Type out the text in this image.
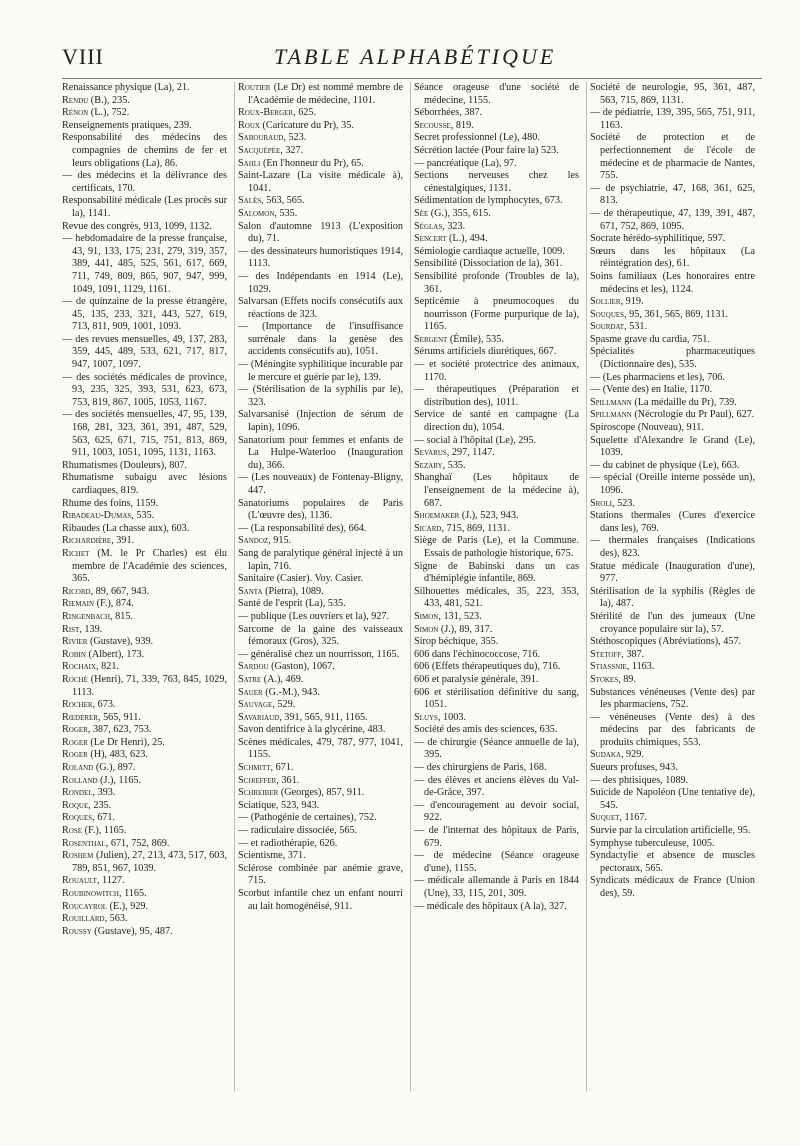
VIII	TABLE ALPHABÉTIQUE

Renaissance physique (La), 21.

Rendu (B.), 235.

Rénon (L.), 752.

Renseignements pratiques, 239.

Responsabilité des médecins des compagnies de chemins de fer et leurs obligations (La), 86.

— des médecins et la délivrance des certificats, 170.

Responsabilité médicale (Les procès sur la), 1141.

Revue des congrès, 913, 1099, 1132.

— hebdomadaire de la presse française, 43, 91, 133, 175, 231, 279, 319, 357, 389, 441, 485, 525, 561, 617, 669, 711, 749, 809, 865, 907, 947, 999, 1049, 1091, 1129, 1161.

— de quinzaine de la presse étrangère, 45, 135, 233, 321, 443, 527, 619, 713, 811, 909, 1001, 1093.

— des revues mensuelles, 49, 137, 283, 359, 445, 489, 533, 621, 717, 817, 947, 1007, 1097.

— des sociétés médicales de province, 93, 235, 325, 393, 531, 623, 673, 753, 819, 867, 1005, 1053, 1167.

— des sociétés mensuelles, 47, 95, 139, 168, 281, 323, 361, 391, 487, 529, 563, 625, 671, 715, 751, 813, 869, 911, 1003, 1051, 1095, 1131, 1163.

Rhumatismes (Douleurs), 807.

Rhumatisme subaigu avec lésions cardiaques, 819.

Rhume des foins, 1159.

Ribadeau-Dumas, 535.

Ribaudes (La chasse aux), 603.

Richardière, 391.

Richet (M. le Pr Charles) est élu membre de l'Académie des sciences, 365.

Ricord, 89, 667, 943.

Riemain (F.), 874.

Ringenbach, 815.

Rist, 139.

Rivier (Gustave), 939.

Robin (Albert), 173.

Rochaix, 821.

Roché (Henri), 71, 339, 763, 845, 1029, 1113.

Rocher, 673.

Rœderer, 565, 911.

Roger, 387, 623, 753.

Roger (Le Dr Henri), 25.

Roger (H), 483, 623.

Roland (G.), 897.

Rolland (J.), 1165.

Rondel, 393.

Roque, 235.

Roques, 671.

Rose (F.), 1165.

Rosenthal, 671, 752, 869.

Roshem (Julien), 27, 213, 473, 517, 603, 789, 851, 967, 1039.

Rouault, 1127.

Roubinowitch, 1165.

Roucayrol (E.), 929.

Rouillard, 563.

Roussy (Gustave), 95, 487.

Routier (Le Dr) est nommé membre de l'Académie de médecine, 1101.

Roux-Berger, 625.

Roux (Caricature du Pr), 35.

Sabouraud, 523.

Sacquépée, 327.

Sahli (En l'honneur du Pr), 65.

Saint-Lazare (La visite médicale à), 1041.

Salès, 563, 565.

Salomon, 535.

Salon d'automne 1913 (L'exposition du), 71.

— des dessinateurs humoristiques 1914, 1113.

— des Indépendants en 1914 (Le), 1029.

Salvarsan (Effets nocifs consécutifs aux réactions de 323.

— (Importance de l'insuffisance surrénale dans la genèse des accidents consécutifs au), 1051.

— (Méningite syphilitique incurable par le mercure et guérie par le), 139.

— (Stérilisation de la syphilis par le), 323.

Salvarsanisé (Injection de sérum de lapin), 1096.

Sanatorium pour femmes et enfants de La Hulpe-Waterloo (Inauguration du), 366.

— (Les nouveaux) de Fontenay-Bligny, 447.

Sanatoriums populaires de Paris (L'œuvre des), 1136.

— (La responsabilité des), 664.

Sandoz, 915.

Sang de paralytique général injecté à un lapin, 716.

Sanitaire (Casier). Voy. Casier.

Santa (Pietra), 1089.

Santé de l'esprit (La), 535.

— publique (Les ouvriers et la), 927.

Sarcome de la gaine des vaisseaux fémoraux (Gros), 325.

— généralisé chez un nourrisson, 1165.

Sardou (Gaston), 1067.

Satre (A.), 469.

Sauer (G.-M.), 943.

Sauvage, 529.

Savariaud, 391, 565, 911, 1165.

Savon dentifrice à la glycérine, 483.

Scènes médicales, 479, 787, 977, 1041, 1155.

Schmitt, 671.

Schœffer, 361.

Schreiber (Georges), 857, 911.

Sciatique, 523, 943.

— (Pathogénie de certaines), 752.

— radiculaire dissociée, 565.

— et radiothérapie, 626.

Scientisme, 371.

Sclérose combinée par anémie grave, 715.

Scorbut infantile chez un enfant nourri au lait homogénéisé, 911.

Séance orageuse d'une société de médecine, 1155.

Séborrhées, 387.

Secousse, 819.

Secret professionnel (Le), 480.

Sécrétion lactée (Pour faire la) 523.

— pancréatique (La), 97.

Sections nerveuses chez les cénestalgiques, 1131.

Sédimentation de lymphocytes, 673.

Sée (G.), 355, 615.

Séglas, 323.

Sencert (L.), 494.

Sémiologie cardiaque actuelle, 1009.

Sensibilité (Dissociation de la), 361.

Sensibilité profonde (Troubles de la), 361.

Septicémie à pneumocoques du nourrisson (Forme purpurique de la), 1165.

Sergent (Émile), 535.

Sérums artificiels diurétiques, 667.

— et société protectrice des animaux, 1170.

— thérapeutiques (Préparation et distribution des), 1011.

Service de santé en campagne (La direction du), 1054.

— social à l'hôpital (Le), 295.

Sevarus, 297, 1147.

Sezary, 535.

Shanghaï (Les hôpitaux de l'enseignement de la médecine à), 687.

Shoemaker (J.), 523, 943.

Sicard, 715, 869, 1131.

Siège de Paris (Le), et la Commune. Essais de pathologie historique, 675.

Signe de Babinski dans un cas d'hémiplégie infantile, 869.

Silhouettes médicales, 35, 223, 353, 433, 481, 521.

Simon, 131, 523.

Simon (J.), 89, 317.

Sirop béchique, 355.

606 dans l'échinococcose, 716.

606 (Effets thérapeutiques du), 716.

606 et paralysie générale, 391.

606 et stérilisation définitive du sang, 1051.

Sluys, 1003.

Société des amis des sciences, 635.

— de chirurgie (Séance annuelle de la), 395.

— des chirurgiens de Paris, 168.

— des élèves et anciens élèves du Val-de-Grâce, 397.

— d'encouragement au devoir social, 922.

— de l'internat des hôpitaux de Paris, 679.

— de médecine (Séance orageuse d'une), 1155.

— médicale allemande à Paris en 1844 (Une), 33, 115, 201, 309.

— médicale des hôpitaux (A la), 327.

Société de neurologie, 95, 361, 487, 563, 715, 869, 1131.

— de pédiatrie, 139, 395, 565, 751, 911, 1163.

Société de protection et de perfectionnement de l'école de médecine et de pharmacie de Nantes, 755.

— de psychiatrie, 47, 168, 361, 625, 813.

— de thérapeutique, 47, 139, 391, 487, 671, 752, 869, 1095.

Socrate hérédo-syphilitique, 597.

Sœurs dans les hôpitaux (La réintégration des), 61.

Soins familiaux (Les honoraires entre médecins et les), 1124.

Sollier, 919.

Souques, 95, 361, 565, 869, 1131.

Sourdat, 531.

Spasme grave du cardia, 751.

Spécialités pharmaceutiques (Dictionnaire des), 535.

— (Les pharmaciens et les), 706.

— (Vente des) en Italie, 1170.

Spillmann (La médaille du Pr), 739.

Spillmann (Nécrologie du Pr Paul), 627.

Spiroscope (Nouveau), 911.

Squelette d'Alexandre le Grand (Le), 1039.

— du cabinet de physique (Le), 663.

— spécial (Oreille interne possède un), 1096.

Sroli, 523.

Stations thermales (Cures d'exercice dans les), 769.

— thermales françaises (Indications des), 823.

Statue médicale (Inauguration d'une), 977.

Stérilisation de la syphilis (Règles de la), 487.

Stérilité de l'un des jumeaux (Une croyance populaire sur la), 57.

Stéthoscopiques (Abréviations), 457.

Stetoff, 387.

Stiassnie, 1163.

Stokes, 89.

Substances vénéneuses (Vente des) par les pharmaciens, 752.

— vénéneuses (Vente des) à des médecins par des fabricants de produits chimiques, 553.

Sudaka, 929.

Sueurs profuses, 943.

— des phtisiques, 1089.

Suicide de Napoléon (Une tentative de), 545.

Suquet, 1167.

Survie par la circulation artificielle, 95.

Symphyse tuberculeuse, 1005.

Syndactylie et absence de muscles pectoraux, 565.

Syndicats médicaux de France (Union des), 59.
